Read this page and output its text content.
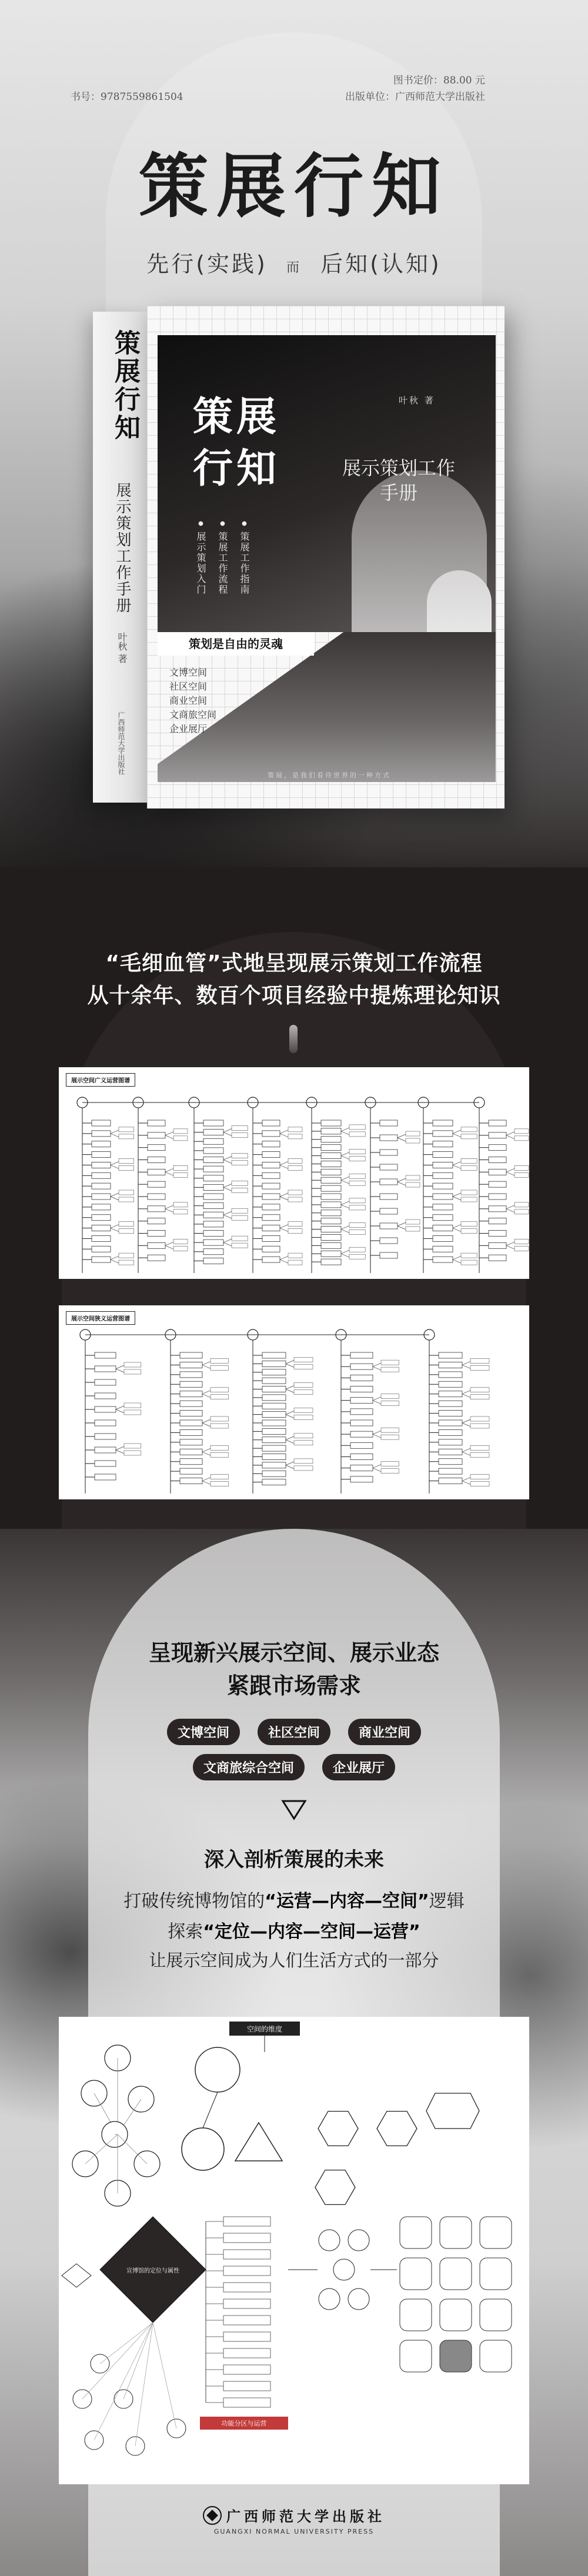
书号：9787559861504
图书定价：88.00 元
出版单位：广西师范大学出版社
策展行知
先行(实践) 而 后知(认知)
策展行知
展示策划工作手册
叶秋 著
广西师范大学出版社
策展行知
叶秋 著
展示策划工作手册
● 策展工作指南
● 策展工作流程
● 展示策划入门
策划是自由的灵魂
文博空间
社区空间
商业空间
文商旅空间
企业展厅
策展，是我们看待世界的一种方式
“毛细血管”式地呈现展示策划工作流程
从十余年、数百个项目经验中提炼理论知识
展示空间广义运营图谱
展示空间狭义运营图谱
呈现新兴展示空间、展示业态
紧跟市场需求
文博空间	社区空间	商业空间
文商旅综合空间	企业展厅
深入剖析策展的未来
打破传统博物馆的“运营—内容—空间”逻辑
探索“定位—内容—空间—运营”
让展示空间成为人们生活方式的一部分
空间的维度
宣博馆的定位与属性
功能分区与运营
广西师范大学出版社
GUANGXI NORMAL UNIVERSITY PRESS
